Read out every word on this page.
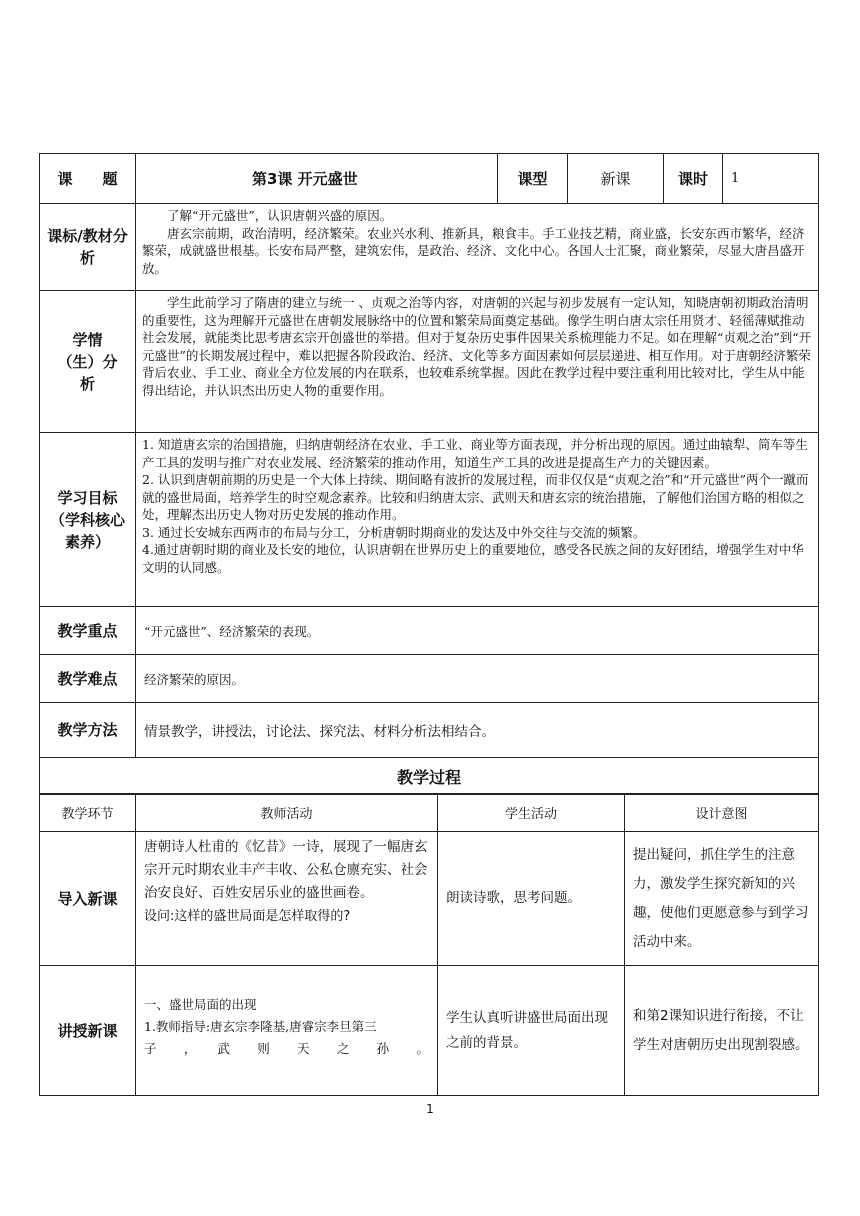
课　　题	第3课 开元盛世	课型	新课	课时 1

课标/教材分析	了解“开元盛世”，认识唐朝兴盛的原因。

唐玄宗前期，政治清明，经济繁荣。农业兴水利、推新具，粮食丰。手工业技艺精，商业盛，长安东西市繁华，经济繁荣，成就盛世根基。长安布局严整，建筑宏伟，是政治、经济、文化中心。各国人士汇聚，商业繁荣，尽显大唐昌盛开放。			

学情（生）分析	学生此前学习了隋唐的建立与统一 、贞观之治等内容，对唐朝的兴起与初步发展有一定认知，知晓唐朝初期政治清明的重要性，这为理解开元盛世在唐朝发展脉络中的位置和繁荣局面奠定基础。像学生明白唐太宗任用贤才、轻徭薄赋推动社会发展，就能类比思考唐玄宗开创盛世的举措。但对于复杂历史事件因果关系梳理能力不足。如在理解“贞观之治”到“开元盛世”的长期发展过程中，难以把握各阶段政治、经济、文化等多方面因素如何层层递进、相互作用。对于唐朝经济繁荣背后农业、手工业、商业全方位发展的内在联系，也较难系统掌握。因此在教学过程中要注重利用比较对比，学生从中能得出结论，并认识杰出历史人物的重要作用。			

学习目标（学科核心素养）	1. 知道唐玄宗的治国措施，归纳唐朝经济在农业、手工业、商业等方面表现，并分析出现的原因。通过曲辕犁、简车等生产工具的发明与推广对农业发展、经济繁荣的推动作用，知道生产工具的改进是提高生产力的关键因素。

2. 认识到唐朝前期的历史是一个大体上持续、期间略有波折的发展过程，而非仅仅是“贞观之治”和“开元盛世”两个一蹴而就的盛世局面，培养学生的时空观念素养。比较和归纳唐太宗、武则天和唐玄宗的统治措施，了解他们治国方略的相似之处，理解杰出历史人物对历史发展的推动作用。

3. 通过长安城东西两市的布局与分工，分析唐朝时期商业的发达及中外交往与交流的频繁。

4.通过唐朝时期的商业及长安的地位，认识唐朝在世界历史上的重要地位，感受各民族之间的友好团结，增强学生对中华文明的认同感。			

教学重点	“开元盛世”、经济繁荣的表现。			
教学难点	经济繁荣的原因。			
教学方法	情景教学，讲授法，讨论法、探究法、材料分析法相结合。			
教学过程				
教学环节	教师活动	学生活动	设计意图
导入新课	唐朝诗人杜甫的《忆昔》一诗，展现了一幅唐玄宗开元时期农业丰产丰收、公私仓廪充实、社会治安良好、百姓安居乐业的盛世画卷。
设问:这样的盛世局面是怎样取得的?	朗读诗歌，思考问题。	提出疑问，抓住学生的注意力，激发学生探究新知的兴趣，使他们更愿意参与到学习活动中来。
讲授新课	一、盛世局面的出现
1.教师指导:唐玄宗李隆基,唐睿宗李旦第三
子　，　武　则　天　之　孙　。	学生认真听讲盛世局面出现之前的背景。	和第2课知识进行衔接，不让学生对唐朝历史出现割裂感。
1
